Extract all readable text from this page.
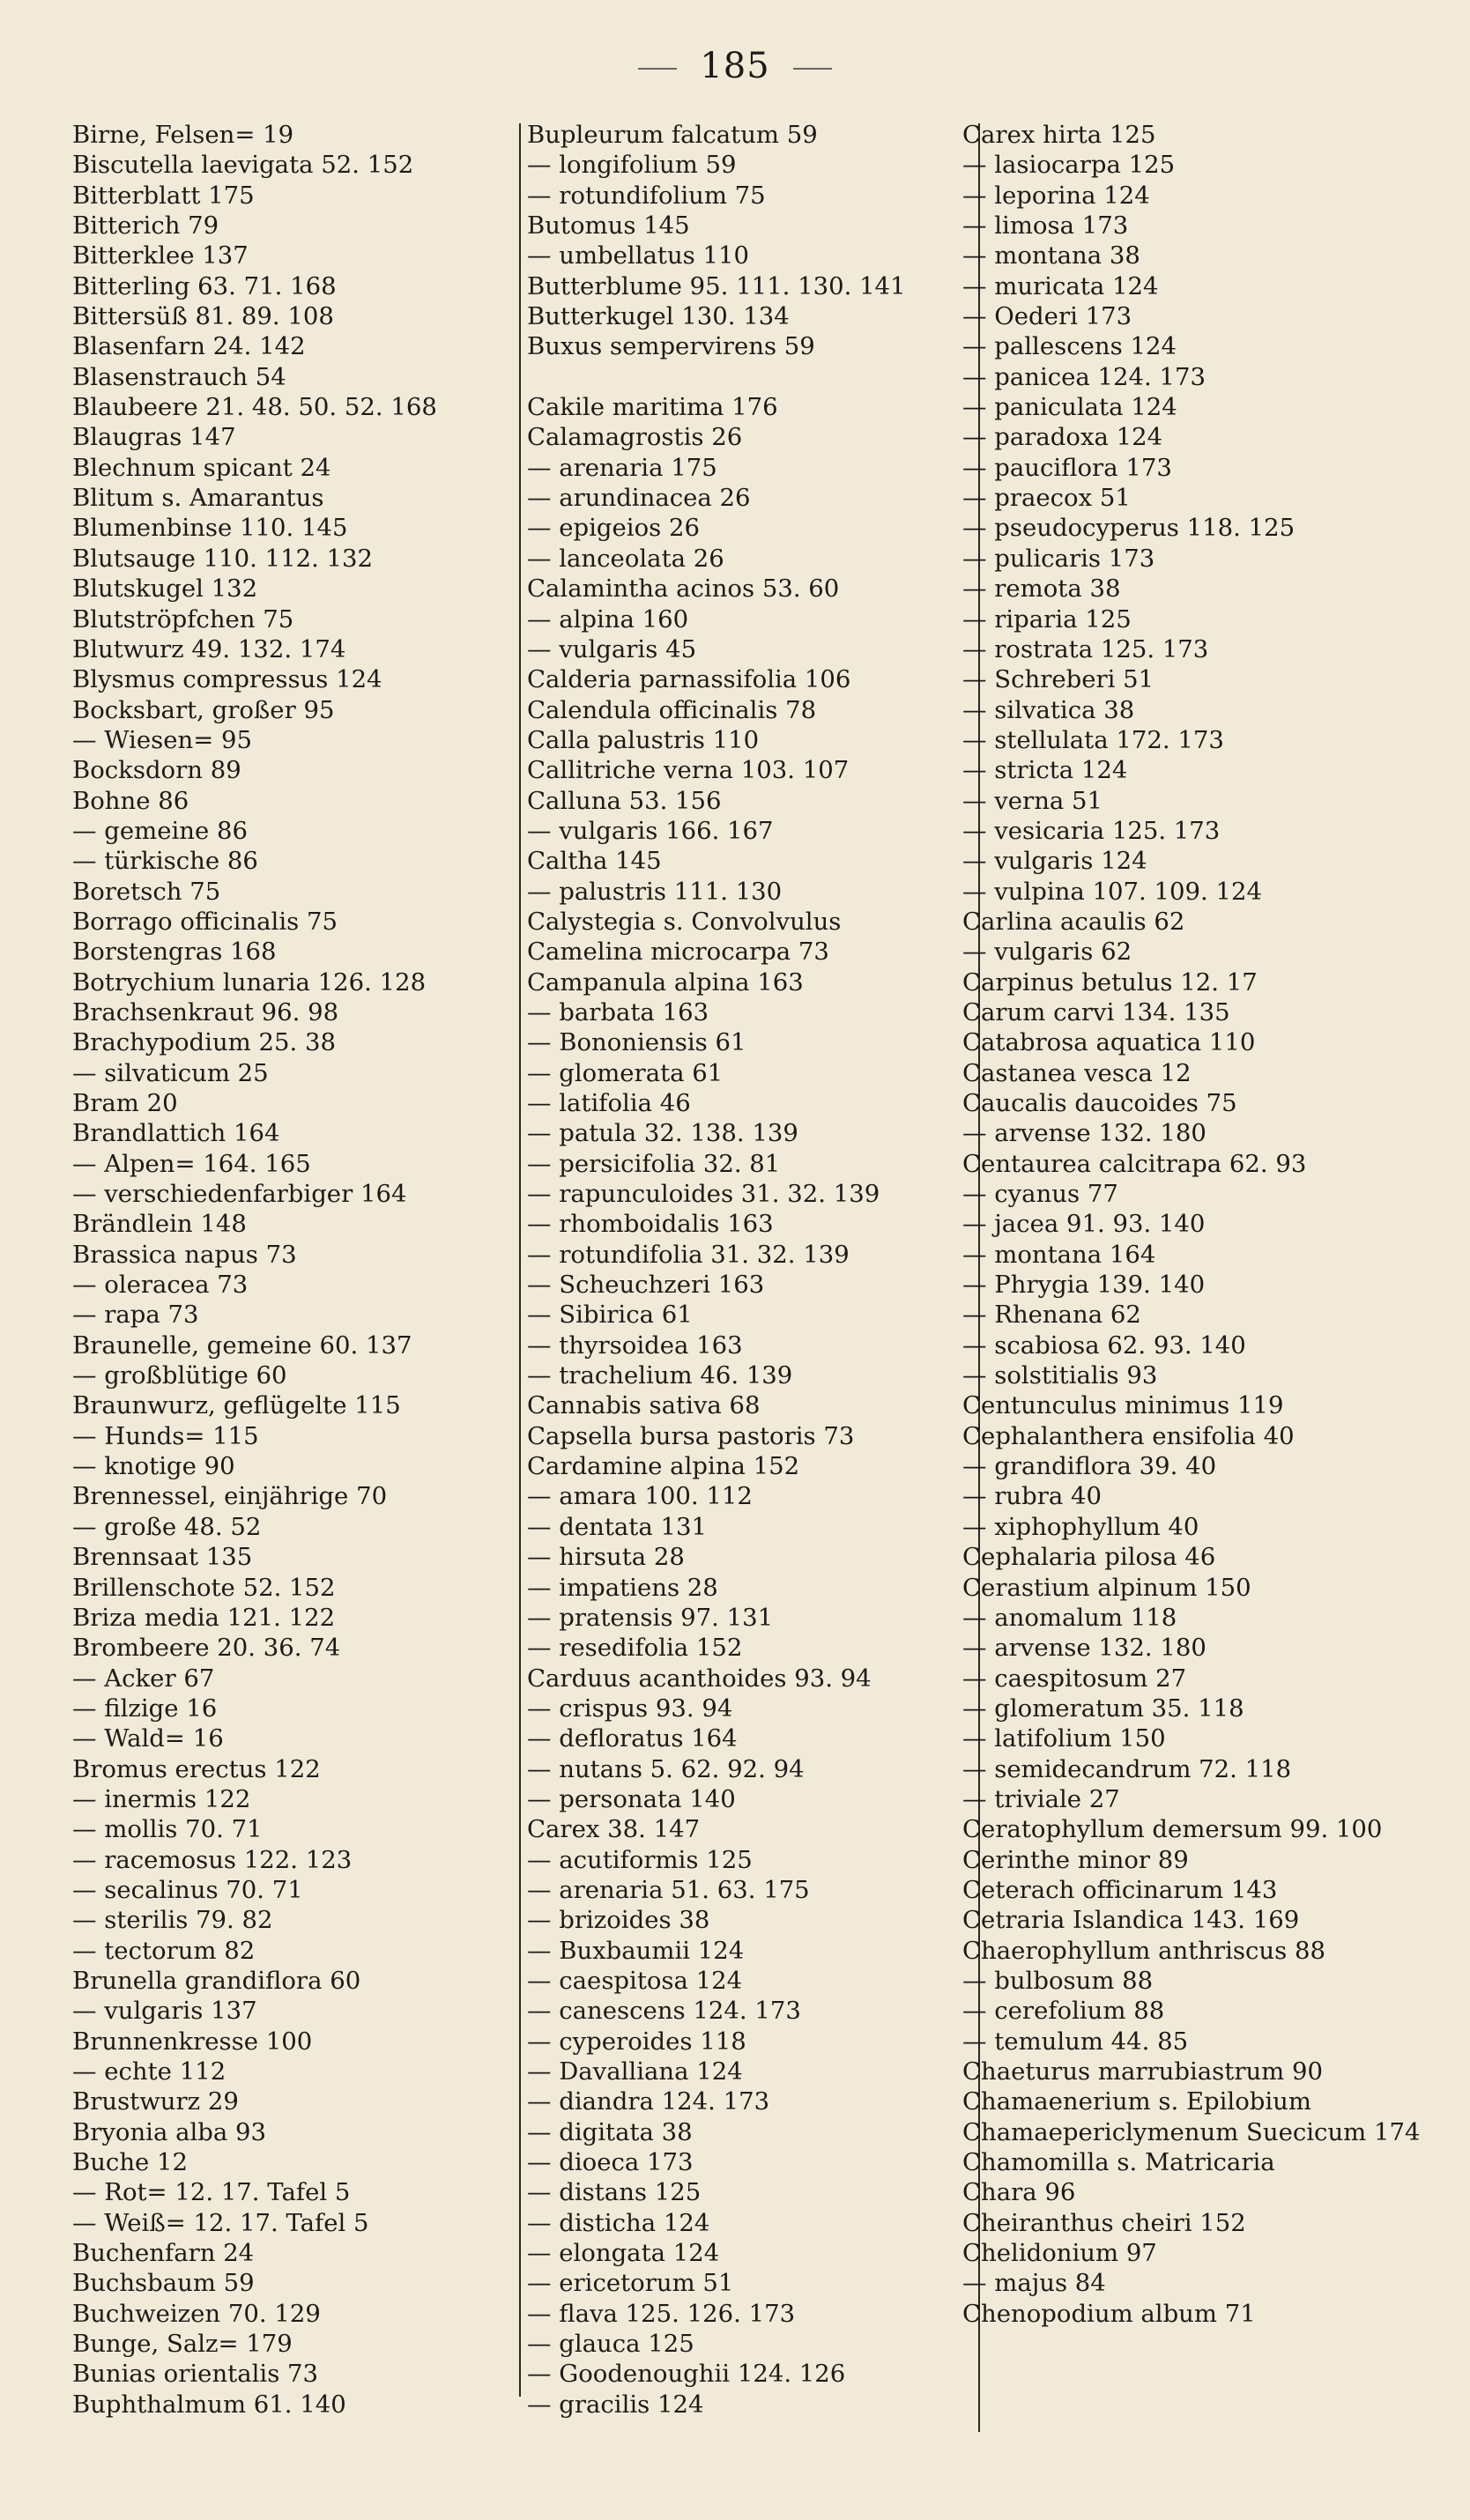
185
Birne, Felsen= 19
Biscutella laevigata 52. 152
Bitterblatt 175
Bitterich 79
Bitterklee 137
Bitterling 63. 71. 168
Bittersüß 81. 89. 108
Blasenfarn 24. 142
Blasenstrauch 54
Blaubeere 21. 48. 50. 52. 168
Blaugras 147
Blechnum spicant 24
Blitum s. Amarantus
Blumenbinse 110. 145
Blutsauge 110. 112. 132
Blutskugel 132
Blutströpfchen 75
Blutwurz 49. 132. 174
Blysmus compressus 124
Bocksbart, großer 95
— Wiesen= 95
Bocksdorn 89
Bohne 86
— gemeine 86
— türkische 86
Boretsch 75
Borrago officinalis 75
Borstengras 168
Botrychium lunaria 126. 128
Brachsenkraut 96. 98
Brachypodium 25. 38
— silvaticum 25
Bram 20
Brandlattich 164
— Alpen= 164. 165
— verschiedenfarbiger 164
Brändlein 148
Brassica napus 73
— oleracea 73
— rapa 73
Braunelle, gemeine 60. 137
— großblütige 60
Braunwurz, geflügelte 115
— Hunds= 115
— knotige 90
Brennessel, einjährige 70
— große 48. 52
Brennsaat 135
Brillenschote 52. 152
Briza media 121. 122
Brombeere 20. 36. 74
— Acker 67
— filzige 16
— Wald= 16
Bromus erectus 122
— inermis 122
— mollis 70. 71
— racemosus 122. 123
— secalinus 70. 71
— sterilis 79. 82
— tectorum 82
Brunella grandiflora 60
— vulgaris 137
Brunnenkresse 100
— echte 112
Brustwurz 29
Bryonia alba 93
Buche 12
— Rot= 12. 17. Tafel 5
— Weiß= 12. 17. Tafel 5
Buchenfarn 24
Buchsbaum 59
Buchweizen 70. 129
Bunge, Salz= 179
Bunias orientalis 73
Buphthalmum 61. 140
Bupleurum falcatum 59
— longifolium 59
— rotundifolium 75
Butomus 145
— umbellatus 110
Butterblume 95. 111. 130. 141
Butterkugel 130. 134
Buxus sempervirens 59

Cakile maritima 176
Calamagrostis 26
— arenaria 175
— arundinacea 26
— epigeios 26
— lanceolata 26
Calamintha acinos 53. 60
— alpina 160
— vulgaris 45
Calderia parnassifolia 106
Calendula officinalis 78
Calla palustris 110
Callitriche verna 103. 107
Calluna 53. 156
— vulgaris 166. 167
Caltha 145
— palustris 111. 130
Calystegia s. Convolvulus
Camelina microcarpa 73
Campanula alpina 163
— barbata 163
— Bononiensis 61
— glomerata 61
— latifolia 46
— patula 32. 138. 139
— persicifolia 32. 81
— rapunculoides 31. 32. 139
— rhomboidalis 163
— rotundifolia 31. 32. 139
— Scheuchzeri 163
— Sibirica 61
— thyrsoidea 163
— trachelium 46. 139
Cannabis sativa 68
Capsella bursa pastoris 73
Cardamine alpina 152
— amara 100. 112
— dentata 131
— hirsuta 28
— impatiens 28
— pratensis 97. 131
— resedifolia 152
Carduus acanthoides 93. 94
— crispus 93. 94
— defloratus 164
— nutans 5. 62. 92. 94
— personata 140
Carex 38. 147
— acutiformis 125
— arenaria 51. 63. 175
— brizoides 38
— Buxbaumii 124
— caespitosa 124
— canescens 124. 173
— cyperoides 118
— Davalliana 124
— diandra 124. 173
— digitata 38
— dioeca 173
— distans 125
— disticha 124
— elongata 124
— ericetorum 51
— flava 125. 126. 173
— glauca 125
— Goodenoughii 124. 126
— gracilis 124
Carex hirta 125
— lasiocarpa 125
— leporina 124
— limosa 173
— montana 38
— muricata 124
— Oederi 173
— pallescens 124
— panicea 124. 173
— paniculata 124
— paradoxa 124
— pauciflora 173
— praecox 51
— pseudocyperus 118. 125
— pulicaris 173
— remota 38
— riparia 125
— rostrata 125. 173
— Schreberi 51
— silvatica 38
— stellulata 172. 173
— stricta 124
— verna 51
— vesicaria 125. 173
— vulgaris 124
— vulpina 107. 109. 124
Carlina acaulis 62
— vulgaris 62
Carpinus betulus 12. 17
Carum carvi 134. 135
Catabrosa aquatica 110
Castanea vesca 12
Caucalis daucoides 75
— arvense 132. 180
Centaurea calcitrapa 62. 93
— cyanus 77
— jacea 91. 93. 140
— montana 164
— Phrygia 139. 140
— Rhenana 62
— scabiosa 62. 93. 140
— solstitialis 93
Centunculus minimus 119
Cephalanthera ensifolia 40
— grandiflora 39. 40
— rubra 40
— xiphophyllum 40
Cephalaria pilosa 46
Cerastium alpinum 150
— anomalum 118
— arvense 132. 180
— caespitosum 27
— glomeratum 35. 118
— latifolium 150
— semidecandrum 72. 118
— triviale 27
Ceratophyllum demersum 99. 100
Cerinthe minor 89
Ceterach officinarum 143
Cetraria Islandica 143. 169
Chaerophyllum anthriscus 88
— bulbosum 88
— cerefolium 88
— temulum 44. 85
Chaeturus marrubiastrum 90
Chamaenerium s. Epilobium
Chamaepericlymenum Suecicum 174
Chamomilla s. Matricaria
Chara 96
Cheiranthus cheiri 152
Chelidonium 97
— majus 84
Chenopodium album 71
